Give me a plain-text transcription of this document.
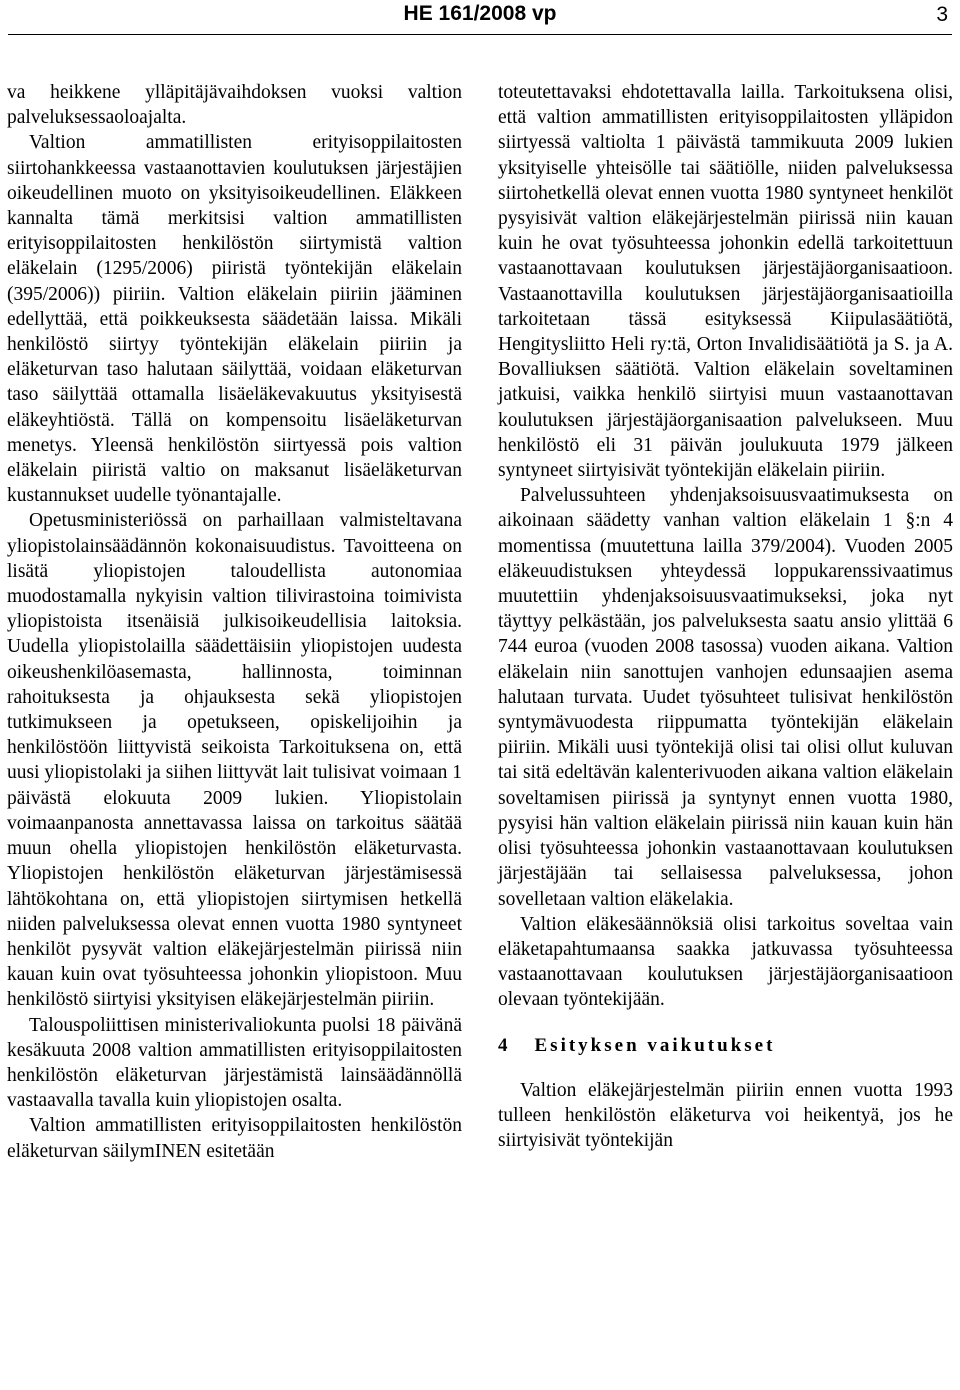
HE 161/2008 vp	3

va heikkene ylläpitäjävaihdoksen vuoksi valtion palveluksessaoloajalta.

Valtion ammatillisten erityisoppilaitosten siirtohankkeessa vastaanottavien koulutuksen järjestäjien oikeudellinen muoto on yksityisoikeudellinen. Eläkkeen kannalta tämä merkitsisi valtion ammatillisten erityisoppilaitosten henkilöstön siirtymistä valtion eläkelain (1295/2006) piiristä työntekijän eläkelain (395/2006)) piiriin. Valtion eläkelain piiriin jääminen edellyttää, että poikkeuksesta säädetään laissa. Mikäli henkilöstö siirtyy työntekijän eläkelain piiriin ja eläketurvan taso halutaan säilyttää, voidaan eläketurvan taso säilyttää ottamalla lisäeläkevakuutus yksityisestä eläkeyhtiöstä. Tällä on kompensoitu lisäeläketurvan menetys. Yleensä henkilöstön siirtyessä pois valtion eläkelain piiristä valtio on maksanut lisäeläketurvan kustannukset uudelle työnantajalle.

Opetusministeriössä on parhaillaan valmisteltavana yliopistolainsäädännön kokonaisuudistus. Tavoitteena on lisätä yliopistojen taloudellista autonomiaa muodostamalla nykyisin valtion tilivirastoina toimivista yliopistoista itsenäisiä julkisoikeudellisia laitoksia. Uudella yliopistolailla säädettäisiin yliopistojen uudesta oikeushenkilöasemasta, hallinnosta, toiminnan rahoituksesta ja ohjauksesta sekä yliopistojen tutkimukseen ja opetukseen, opiskelijoihin ja henkilöstöön liittyvistä seikoista Tarkoituksena on, että uusi yliopistolaki ja siihen liittyvät lait tulisivat voimaan 1 päivästä elokuuta 2009 lukien. Yliopistolain voimaanpanosta annettavassa laissa on tarkoitus säätää muun ohella yliopistojen henkilöstön eläketurvasta. Yliopistojen henkilöstön eläketurvan järjestämisessä lähtökohtana on, että yliopistojen siirtymisen hetkellä niiden palveluksessa olevat ennen vuotta 1980 syntyneet henkilöt pysyvät valtion eläkejärjestelmän piirissä niin kauan kuin ovat työsuhteessa johonkin yliopistoon. Muu henkilöstö siirtyisi yksityisen eläkejärjestelmän piiriin.

Talouspoliittisen ministerivaliokunta puolsi 18 päivänä kesäkuuta 2008 valtion ammatillisten erityisoppilaitosten henkilöstön eläketurvan järjestämistä lainsäädännöllä vastaavalla tavalla kuin yliopistojen osalta.

Valtion ammatillisten erityisoppilaitosten henkilöstön eläketurvan säilymINEN esitetään

toteutettavaksi ehdotettavalla lailla. Tarkoituksena olisi, että valtion ammatillisten erityisoppilaitosten ylläpidon siirtyessä valtiolta 1 päivästä tammikuuta 2009 lukien yksityiselle yhteisölle tai säätiölle, niiden palveluksessa siirtohetkellä olevat ennen vuotta 1980 syntyneet henkilöt pysyisivät valtion eläkejärjestelmän piirissä niin kauan kuin he ovat työsuhteessa johonkin edellä tarkoitettuun vastaanottavaan koulutuksen järjestäjäorganisaatioon. Vastaanottavilla koulutuksen järjestäjäorganisaatioilla tarkoitetaan tässä esityksessä Kiipulasäätiötä, Hengitysliitto Heli ry:tä, Orton Invalidisäätiötä ja S. ja A. Bovalliuksen säätiötä. Valtion eläkelain soveltaminen jatkuisi, vaikka henkilö siirtyisi muun vastaanottavan koulutuksen järjestäjäorganisaation palvelukseen. Muu henkilöstö eli 31 päivän joulukuuta 1979 jälkeen syntyneet siirtyisivät työntekijän eläkelain piiriin.

Palvelussuhteen yhdenjaksoisuusvaatimuksesta on aikoinaan säädetty vanhan valtion eläkelain 1 §:n 4 momentissa (muutettuna lailla 379/2004). Vuoden 2005 eläkeuudistuksen yhteydessä loppukarenssivaatimus muutettiin yhdenjaksoisuusvaatimukseksi, joka nyt täyttyy pelkästään, jos palveluksesta saatu ansio ylittää 6 744 euroa (vuoden 2008 tasossa) vuoden aikana. Valtion eläkelain niin sanottujen vanhojen edunsaajien asema halutaan turvata. Uudet työsuhteet tulisivat henkilöstön syntymävuodesta riippumatta työntekijän eläkelain piiriin. Mikäli uusi työntekijä olisi tai olisi ollut kuluvan tai sitä edeltävän kalenterivuoden aikana valtion eläkelain soveltamisen piirissä ja syntynyt ennen vuotta 1980, pysyisi hän valtion eläkelain piirissä niin kauan kuin hän olisi työsuhteessa johonkin vastaanottavaan koulutuksen järjestäjään tai sellaisessa palveluksessa, johon sovelletaan valtion eläkelakia.

Valtion eläkesäännöksiä olisi tarkoitus soveltaa vain eläketapahtumaansa saakka jatkuvassa työsuhteessa vastaanottavaan koulutuksen järjestäjäorganisaatioon olevaan työntekijään.

4 Esityksen vaikutukset

Valtion eläkejärjestelmän piiriin ennen vuotta 1993 tulleen henkilöstön eläketurva voi heikentyä, jos he siirtyisivät työntekijän
